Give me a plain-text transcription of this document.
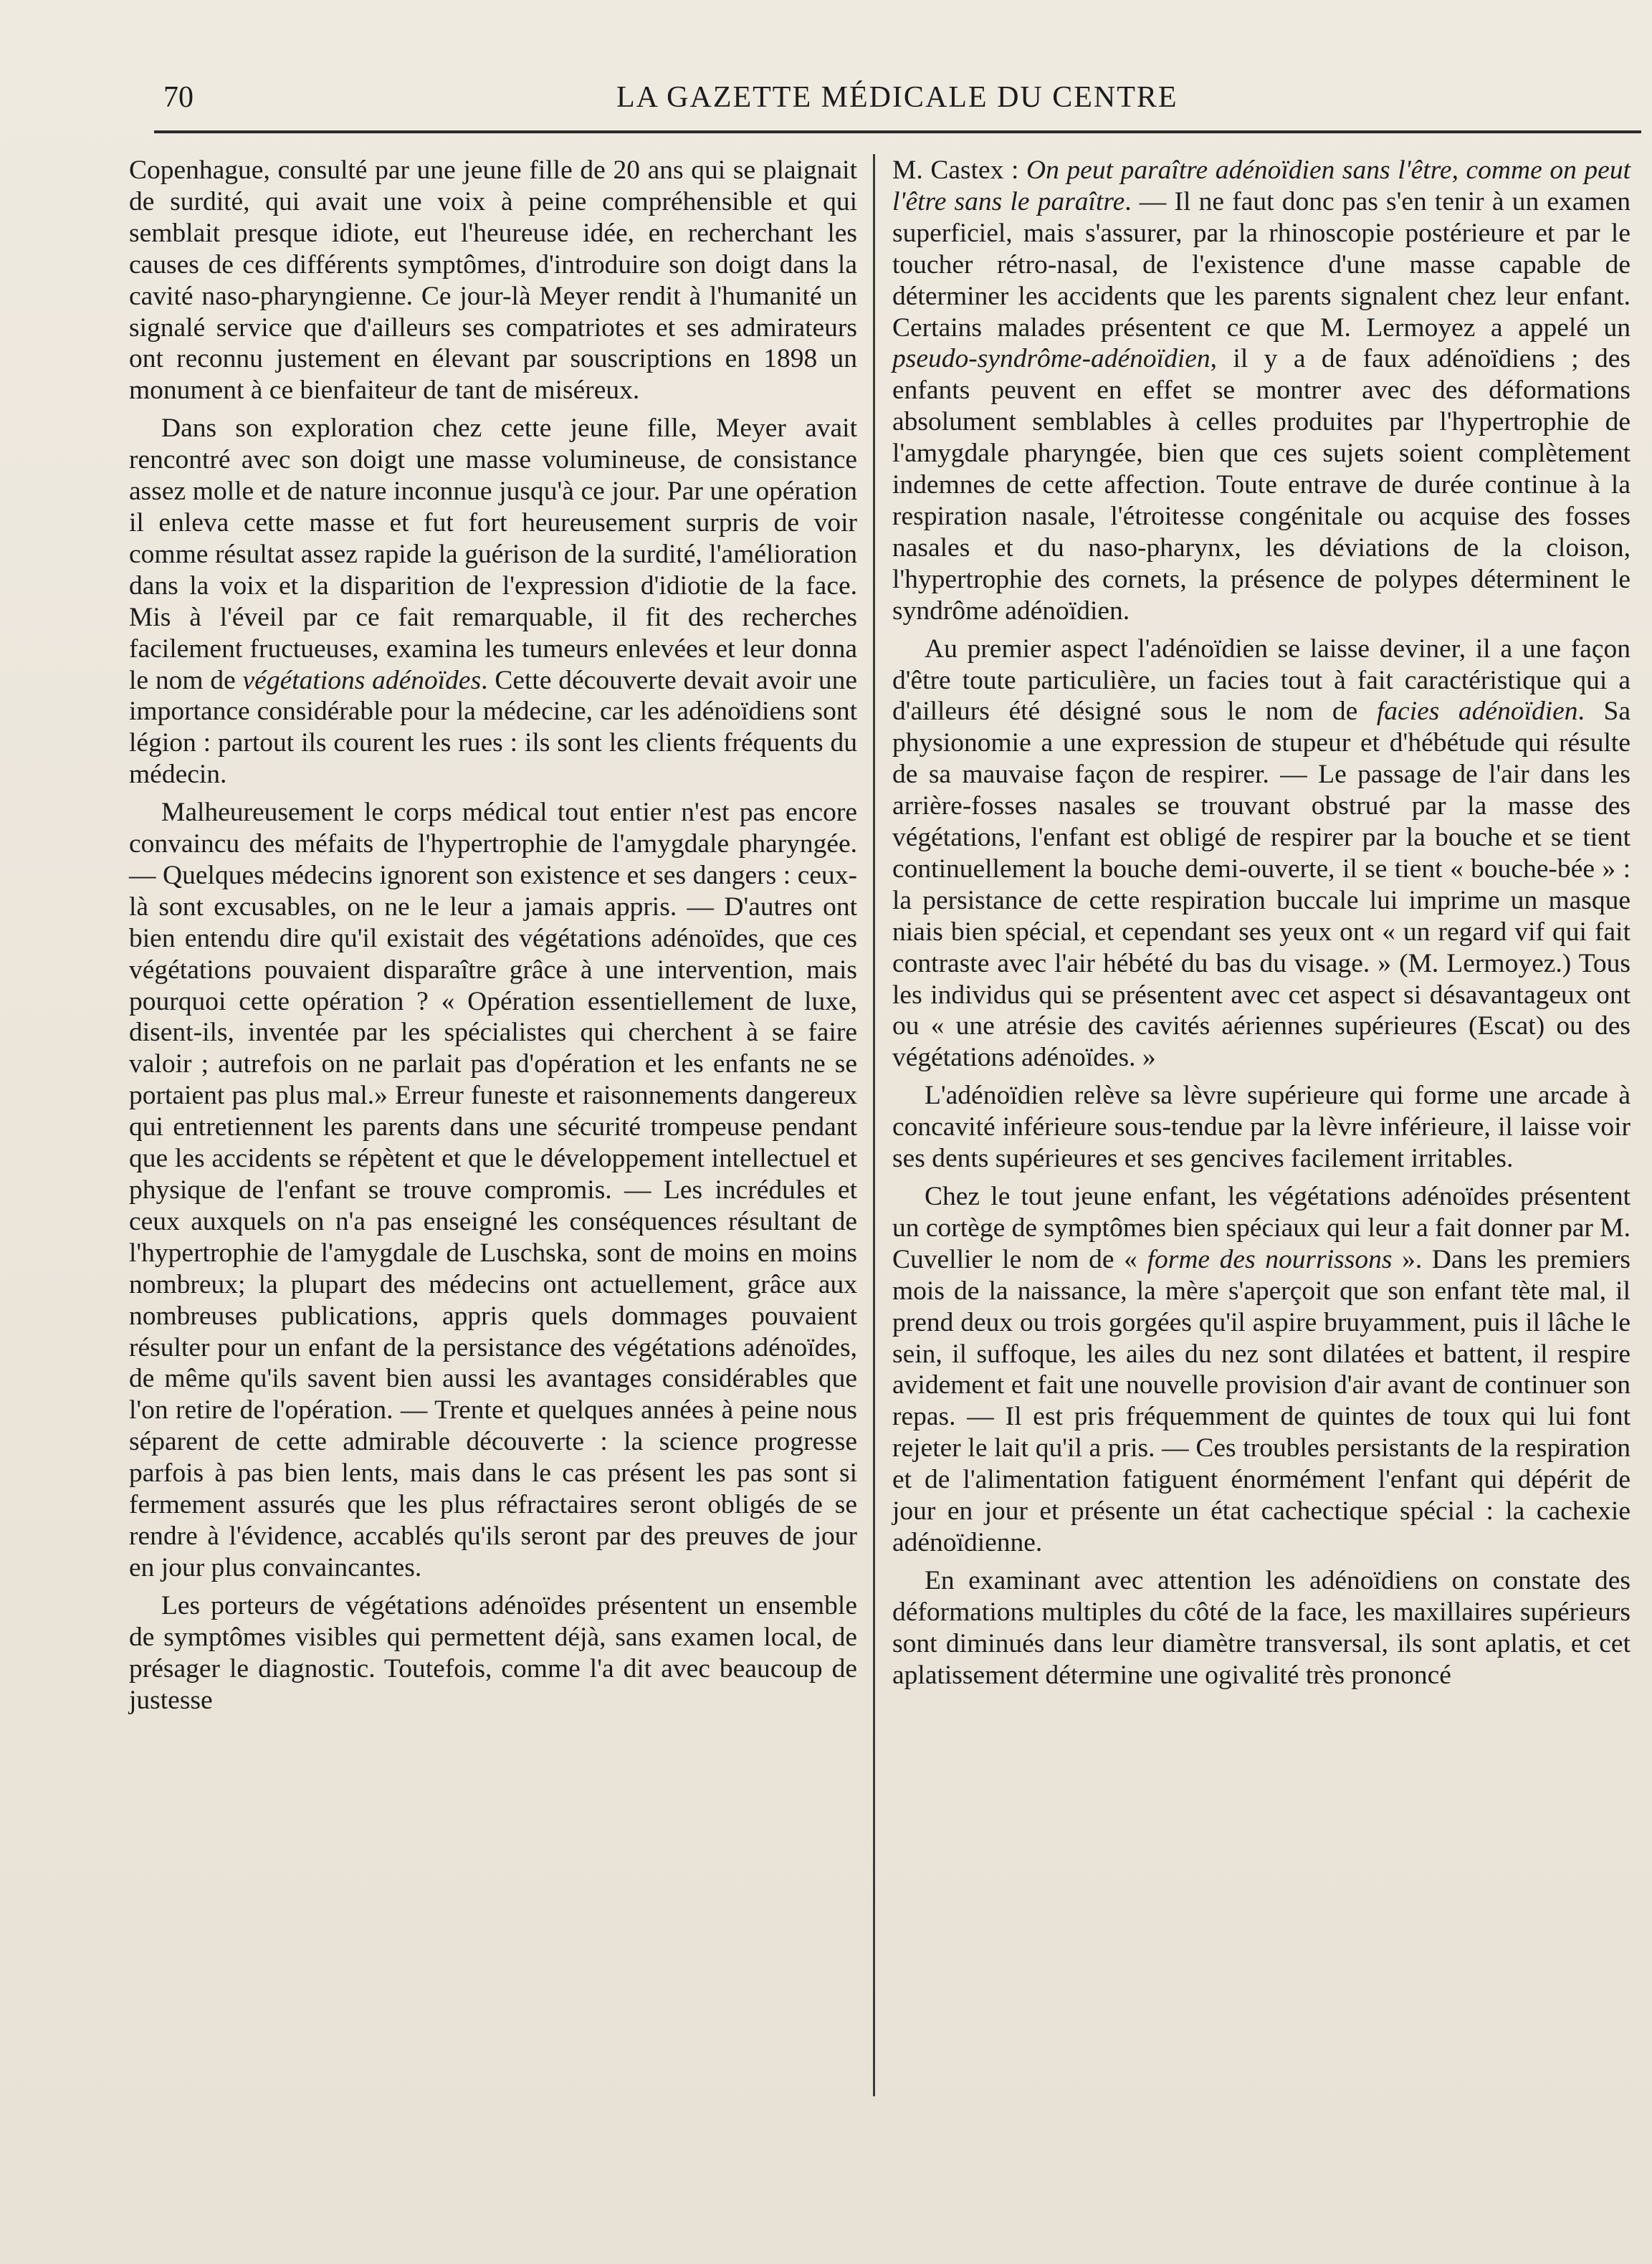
70	LA GAZETTE MÉDICALE DU CENTRE

Copenhague, consulté par une jeune fille de 20 ans qui se plaignait de surdité, qui avait une voix à peine compréhensible et qui semblait presque idiote, eut l'heureuse idée, en recherchant les causes de ces différents symptômes, d'introduire son doigt dans la cavité naso-pharyngienne. Ce jour-là Meyer rendit à l'humanité un signalé service que d'ailleurs ses compatriotes et ses admirateurs ont reconnu justement en élevant par souscriptions en 1898 un monument à ce bienfaiteur de tant de miséreux.

Dans son exploration chez cette jeune fille, Meyer avait rencontré avec son doigt une masse volumineuse, de consistance assez molle et de nature inconnue jusqu'à ce jour. Par une opération il enleva cette masse et fut fort heureusement surpris de voir comme résultat assez rapide la guérison de la surdité, l'amélioration dans la voix et la disparition de l'expression d'idiotie de la face. Mis à l'éveil par ce fait remarquable, il fit des recherches facilement fructueuses, examina les tumeurs enlevées et leur donna le nom de végétations adénoïdes. Cette découverte devait avoir une importance considérable pour la médecine, car les adénoïdiens sont légion : partout ils courent les rues : ils sont les clients fréquents du médecin.

Malheureusement le corps médical tout entier n'est pas encore convaincu des méfaits de l'hypertrophie de l'amygdale pharyngée.— Quelques médecins ignorent son existence et ses dangers : ceux-là sont excusables, on ne le leur a jamais appris. — D'autres ont bien entendu dire qu'il existait des végétations adénoïdes, que ces végétations pouvaient disparaître grâce à une intervention, mais pourquoi cette opération ? « Opération essentiellement de luxe, disent-ils, inventée par les spécialistes qui cherchent à se faire valoir ; autrefois on ne parlait pas d'opération et les enfants ne se portaient pas plus mal.» Erreur funeste et raisonnements dangereux qui entretiennent les parents dans une sécurité trompeuse pendant que les accidents se répètent et que le développement intellectuel et physique de l'enfant se trouve compromis. — Les incrédules et ceux auxquels on n'a pas enseigné les conséquences résultant de l'hypertrophie de l'amygdale de Luschska, sont de moins en moins nombreux; la plupart des médecins ont actuellement, grâce aux nombreuses publications, appris quels dommages pouvaient résulter pour un enfant de la persistance des végétations adénoïdes, de même qu'ils savent bien aussi les avantages considérables que l'on retire de l'opération. — Trente et quelques années à peine nous séparent de cette admirable découverte : la science progresse parfois à pas bien lents, mais dans le cas présent les pas sont si fermement assurés que les plus réfractaires seront obligés de se rendre à l'évidence, accablés qu'ils seront par des preuves de jour en jour plus convaincantes.

Les porteurs de végétations adénoïdes présentent un ensemble de symptômes visibles qui permettent déjà, sans examen local, de présager le diagnostic. Toutefois, comme l'a dit avec beaucoup de justesse

M. Castex : On peut paraître adénoïdien sans l'être, comme on peut l'être sans le paraître. — Il ne faut donc pas s'en tenir à un examen superficiel, mais s'assurer, par la rhinoscopie postérieure et par le toucher rétro-nasal, de l'existence d'une masse capable de déterminer les accidents que les parents signalent chez leur enfant. Certains malades présentent ce que M. Lermoyez a appelé un pseudo-syndrôme-adénoïdien, il y a de faux adénoïdiens ; des enfants peuvent en effet se montrer avec des déformations absolument semblables à celles produites par l'hypertrophie de l'amygdale pharyngée, bien que ces sujets soient complètement indemnes de cette affection. Toute entrave de durée continue à la respiration nasale, l'étroitesse congénitale ou acquise des fosses nasales et du naso-pharynx, les déviations de la cloison, l'hypertrophie des cornets, la présence de polypes déterminent le syndrôme adénoïdien.

Au premier aspect l'adénoïdien se laisse deviner, il a une façon d'être toute particulière, un facies tout à fait caractéristique qui a d'ailleurs été désigné sous le nom de facies adénoïdien. Sa physionomie a une expression de stupeur et d'hébétude qui résulte de sa mauvaise façon de respirer. — Le passage de l'air dans les arrière-fosses nasales se trouvant obstrué par la masse des végétations, l'enfant est obligé de respirer par la bouche et se tient continuellement la bouche demi-ouverte, il se tient « bouche-bée » : la persistance de cette respiration buccale lui imprime un masque niais bien spécial, et cependant ses yeux ont « un regard vif qui fait contraste avec l'air hébété du bas du visage. » (M. Lermoyez.) Tous les individus qui se présentent avec cet aspect si désavantageux ont ou « une atrésie des cavités aériennes supérieures (Escat) ou des végétations adénoïdes. »

L'adénoïdien relève sa lèvre supérieure qui forme une arcade à concavité inférieure sous-tendue par la lèvre inférieure, il laisse voir ses dents supérieures et ses gencives facilement irritables.

Chez le tout jeune enfant, les végétations adénoïdes présentent un cortège de symptômes bien spéciaux qui leur a fait donner par M. Cuvellier le nom de « forme des nourrissons ». Dans les premiers mois de la naissance, la mère s'aperçoit que son enfant tète mal, il prend deux ou trois gorgées qu'il aspire bruyamment, puis il lâche le sein, il suffoque, les ailes du nez sont dilatées et battent, il respire avidement et fait une nouvelle provision d'air avant de continuer son repas. — Il est pris fréquemment de quintes de toux qui lui font rejeter le lait qu'il a pris. — Ces troubles persistants de la respiration et de l'alimentation fatiguent énormément l'enfant qui dépérit de jour en jour et présente un état cachectique spécial : la cachexie adénoïdienne.

En examinant avec attention les adénoïdiens on constate des déformations multiples du côté de la face, les maxillaires supérieurs sont diminués dans leur diamètre transversal, ils sont aplatis, et cet aplatissement détermine une ogivalité très prononcé
